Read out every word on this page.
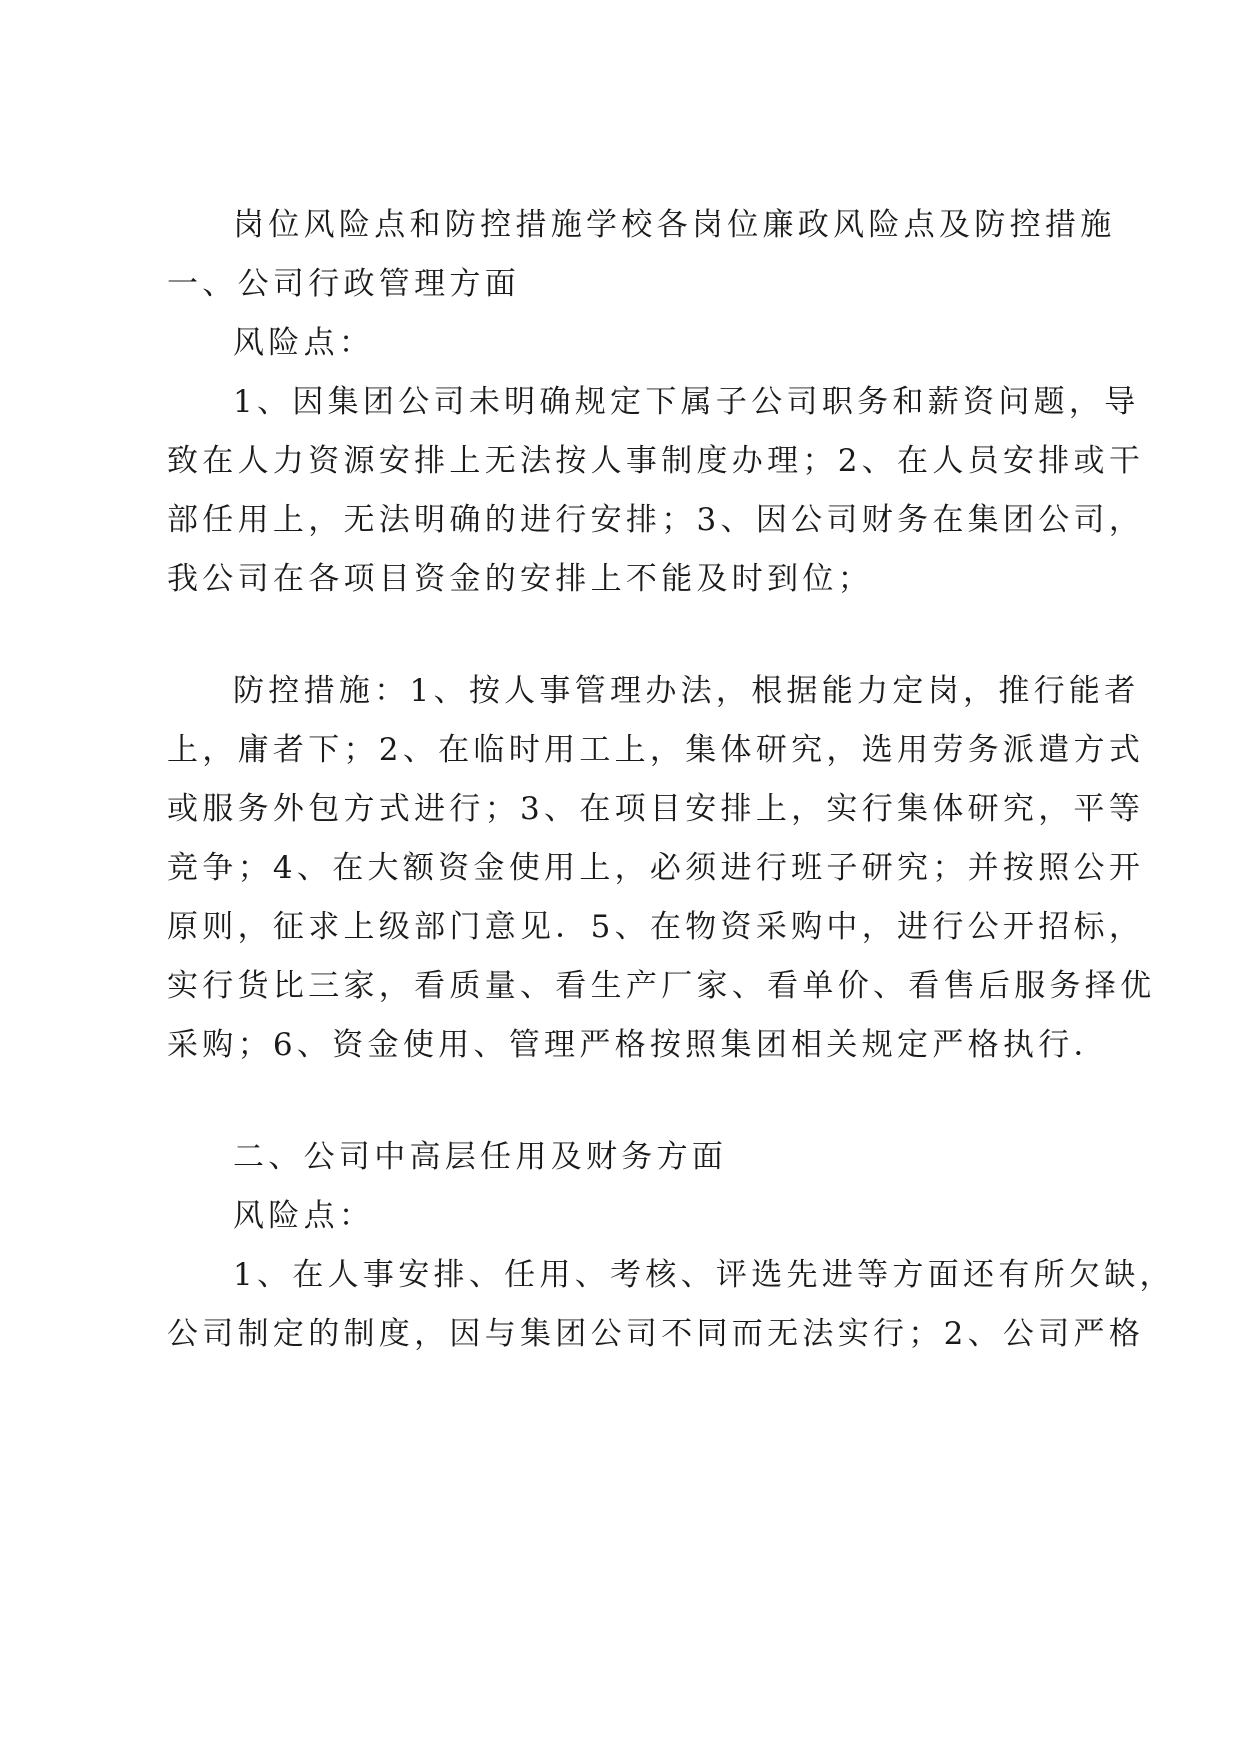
岗位风险点和防控措施学校各岗位廉政风险点及防控措施
一、公司行政管理方面
风险点：
1、因集团公司未明确规定下属子公司职务和薪资问题，导
致在人力资源安排上无法按人事制度办理；2、在人员安排或干
部任用上，无法明确的进行安排；3、因公司财务在集团公司，
我公司在各项目资金的安排上不能及时到位；
防控措施：1、按人事管理办法，根据能力定岗，推行能者
上，庸者下；2、在临时用工上，集体研究，选用劳务派遣方式
或服务外包方式进行；3、在项目安排上，实行集体研究，平等
竞争；4、在大额资金使用上，必须进行班子研究；并按照公开
原则，征求上级部门意见．5、在物资采购中，进行公开招标，
实行货比三家，看质量、看生产厂家、看单价、看售后服务择优
采购；6、资金使用、管理严格按照集团相关规定严格执行．
二、公司中高层任用及财务方面
风险点：
1、在人事安排、任用、考核、评选先进等方面还有所欠缺，
公司制定的制度，因与集团公司不同而无法实行；2、公司严格
